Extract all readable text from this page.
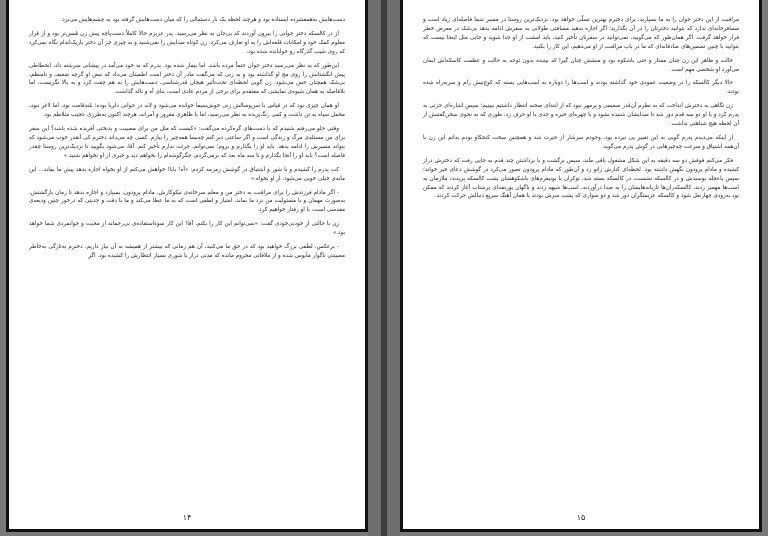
دست‌هایش به‌همفشرده ایستاده بود و هرچند لحظه یک بار دستمالی را که میان دست‌هایش گرفته بود به چشم‌هایش می‌برد.

از در کالسکه دختر جوانی را بیرون آوردند که بی‌جان به نظر می‌رسید. پدر عزیزم حالا کاملاً دست‌پاچه پیش زن مُسن‌تر بود و از قرار معلوم کمک خود و امکانات قلعه‌اش را به او تعارف می‌کرد. زن کوتاه صدایش را نمی‌شنید و به چیزی جز آن دختر باریک‌اندام نگاه نمی‌کرد که روی شیب گذرگاه رو خوابانده شده بود.

این‌طور که به نظر می‌رسید دختر جوان حتماً مرده باشد. اما بیمار شده بود. پدرم که به خود می‌آمد در پیشانی سرشته داد، انحطاطی پیش انگشتانش را روی مچ او گذاشته بود و به زنی که می‌گفت مادر آن دختر است اطمینان می‌داد که نبض او گرچه ضعیف و نامنظم، بی‌شک همچنان حس می‌شود. زن گویی لحظه‌ای تحت‌تأثیر هیجان قدرشناسی، دست‌هایش را به هم چفت کرد و به بالا نگریست، اما بلافاصله به همان شیوه‌ی نمایشی که معتقدم برای برخی از مردم عادی است، بنای آه و ناله گذاشت.

او همان چیزی بود که در قیاس با سن‌وسالش زنی خوش‌سیما خوانده می‌شود و لابد در جوانی دلربا بوده؛ بلندقامت بود، اما لاغر نبود، مخمل سیاه به تن داشت و کمی رنگ‌پریده به نظر می‌رسید، اما با ظاهری مغرور و آمرانه، هرچند اکنون به‌طرزی عجیب متلاطم بود.

وقتی جلو می‌رفتم شنیدم که با دست‌های گره‌کرده می‌گفت: «کیست که مثل من برای مصیبت و بدبختی آفریده شده باشد؟ این سفر برای من مسئله‌ی مرگ و زندگی است و اگر ساعتی دیر کنم چه‌بسا همه‌چیز را ببازم. کسی چه می‌داند دخترم کی آنقدر خوب می‌شود که بتواند مسیرش را ادامه بدهد. باید او را بگذارم و بروم؛ نمی‌توانم، جرئت ندارم تأخیر کنم. آقا، می‌شود بگویید تا نزدیک‌ترین روستا چقدر فاصله است؟ باید او را آنجا بگذارم و تا سه ماه بعد که برمی‌گردم، جگرگوشه‌ام را نخواهم دید و خبری از او نخواهم شنید.»

کت پدرم را کشیدم و با شور و اشتیاق در گوشش زمزمه کردم: «آه! بابا! خواهش می‌کنم از او بخواه اجازه بدهد پیش ما بماند... این مایه‌ی خیلی خوبی می‌شود. از او بخواه.»

- اگر مادام فرزندش را برای مراقبت به دختر من و معلم سرخانه‌ی نیکوکارش، مادام پرودون، بسپارد و اجازه بدهد تا زمان بازگشتش، به‌صورت مهمان و با مسئولیت من نزد ما بماند، امتیاز و لطفی است که به ما عطا می‌کند و ما با دقت و جدیتی که درخور چنین ودیعه‌ی مقدسی است، با او رفتار خواهیم کرد.

زن با حالتی از خودبی‌خودی گفت: «نمی‌توانم این کار را بکنم، آقا! این کار سوءاستفاده‌ی بی‌رحمانه از محبت و جوانمردی شما خواهد بود.»

- برعکس، لطفی بزرگ خواهید بود که در حق ما می‌کنید، آن هم زمانی که بیشتر از همیشه به آن نیاز داریم. دخترم به‌تازگی به‌خاطر مصیبتی ناگوار مأیوس شده و از ملاقاتی محروم مانده که مدتی دراز با شوری بسیار انتظارش را کشیده بود. اگر

۱۴

مراقبت از این دختر جوان را به ما بسپارید، برای دخترم بهترین تسلّی خواهد بود. نزدیک‌ترین روستا در مسیر شما فاصله‌ای زیاد است و مسافرخانه‌ای ندارد که بتوانید دخترتان را در آن بگذارید؛ اگر اجازه بدهید مسافتی طولانی به سفرش ادامه بدهد بی‌شک در معرض خطر قرار خواهد گرفت. اگر همان‌طور که می‌گویید، نمی‌توانید در سفرتان تأخیر کنید، باید امشب از او جدا شوید و جایی مثل اینجا نیست که بتوانید با چنین تضمین‌های صادقانه‌ای که ما در باب مراقبت از او می‌دهیم، این کار را بکنید.

حالت و ظاهر این زن چنان ممتاز و حتی باشکوه بود و منشش چنان گیرا که بیننده بدون توجه به حالت و عظمت کاسکه‌اش ایمان می‌آورد او شخصی مهم است.

حالا دیگر کالسکه را در وضعیت عمودی خود گذاشته بودند و اسب‌ها را دوباره به اسب‌هایی بسته که کوچ‌بیش رام و سربه‌راه شده بودند.

زن نگاهی به دخترش انداخت که به نظرم آن‌قدر صمیمی و پرمهر نبود که از ابتدای صحنه انتظار داشتیم ببینیم؛ سپس اشاره‌ای جزئی به پدرم کرد و با او دو سه قدم دور شد تا صدایشان شنیده نشود و با چهره‌ای خیره و جدی با او حرف زد، طوری که به نحوی سخن‌گفتنش از آن لحظه هیچ شباهتی نداشت.

از اینکه می‌دیدم پدرم گویی به این تغییر پی نبرده بود، وجودم سرشار از حیرت شد و همچنین سخت کنجکاو بودم بدانم این زن با آن‌همه اشتیاق و سرعت چه‌چیزهایی در گوش پدرم می‌گوید.

فکر می‌کنم فوقش دو سه دقیقه به این شکل مشغول باقی ماند، سپس برگشت و با برداشتن چند قدم به جایی رفت که دخترش دراز کشیده و مادام پرودون نگهش داشته بود. لحظه‌ای کنارش زانو زد و آن‌طور که مادام پرودون تصور می‌کرد در گوشش دعای خیر خواند؛ سپس باعجله بوسیدش و در کالسکه نشست، در کالسکه بسته شد، نوکران با یونیفرم‌های باشکوهشان پشت کالسکه پریدند، ملازمان به اسب‌ها مهمیز زدند، کالسکه‌ران‌ها تازیانه‌هایشان را به صدا درآوردند، اسب‌ها شیهه زدند و ناگهان یورتمه‌ای پرشتاب آغاز کردند که ممکن بود به‌زودی چهارنعل شود و کالسکه عزیمتگران دور شد و دو سواری که پشت سرش بودند با همان آهنگ سریع دنبالش حرکت کردند.

۱۵
